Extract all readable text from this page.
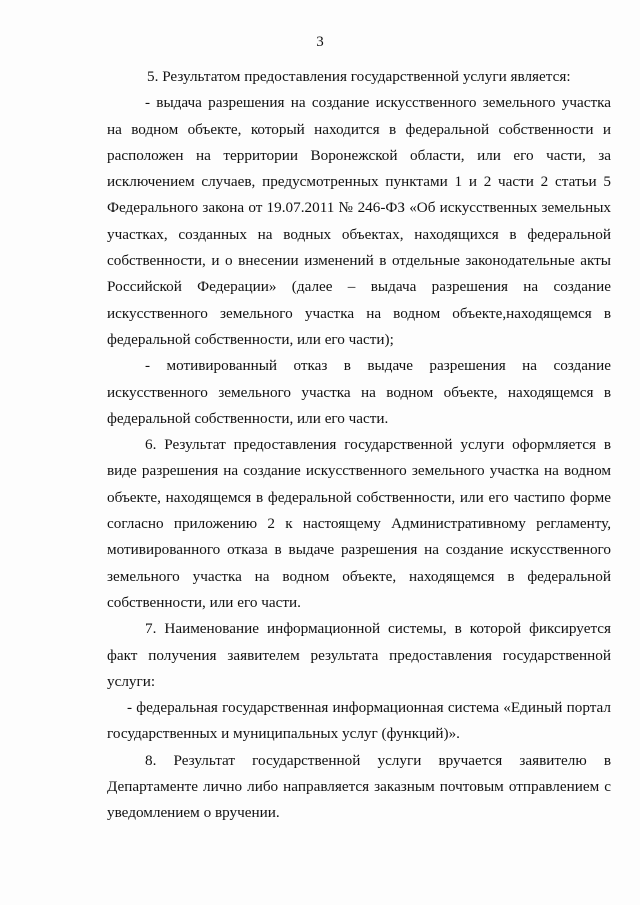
3

5. Результатом предоставления государственной услуги является:

- выдача разрешения на создание искусственного земельного участка на водном объекте, который находится в федеральной собственности и расположен на территории Воронежской области, или его части, за исключением случаев, предусмотренных пунктами 1 и 2 части 2 статьи 5 Федерального закона от 19.07.2011 № 246-ФЗ «Об искусственных земельных участках, созданных на водных объектах, находящихся в федеральной собственности, и о внесении изменений в отдельные законодательные акты Российской Федерации» (далее – выдача разрешения на создание искусственного земельного участка на водном объекте,находящемся в федеральной собственности, или его части);

- мотивированный отказ в выдаче разрешения на создание искусственного земельного участка на водном объекте, находящемся в федеральной собственности, или его части.

6. Результат предоставления государственной услуги оформляется в виде разрешения на создание искусственного земельного участка на водном объекте, находящемся в федеральной собственности, или его частипо форме согласно приложению 2 к настоящему Административному регламенту, мотивированного отказа в выдаче разрешения на создание искусственного земельного участка на водном объекте, находящемся в федеральной собственности, или его части.

7. Наименование информационной системы, в которой фиксируется факт получения заявителем результата предоставления государственной услуги:

- федеральная государственная информационная система «Единый портал государственных и муниципальных услуг (функций)».

8. Результат государственной услуги вручается заявителю в Департаменте лично либо направляется заказным почтовым отправлением с уведомлением о вручении.
